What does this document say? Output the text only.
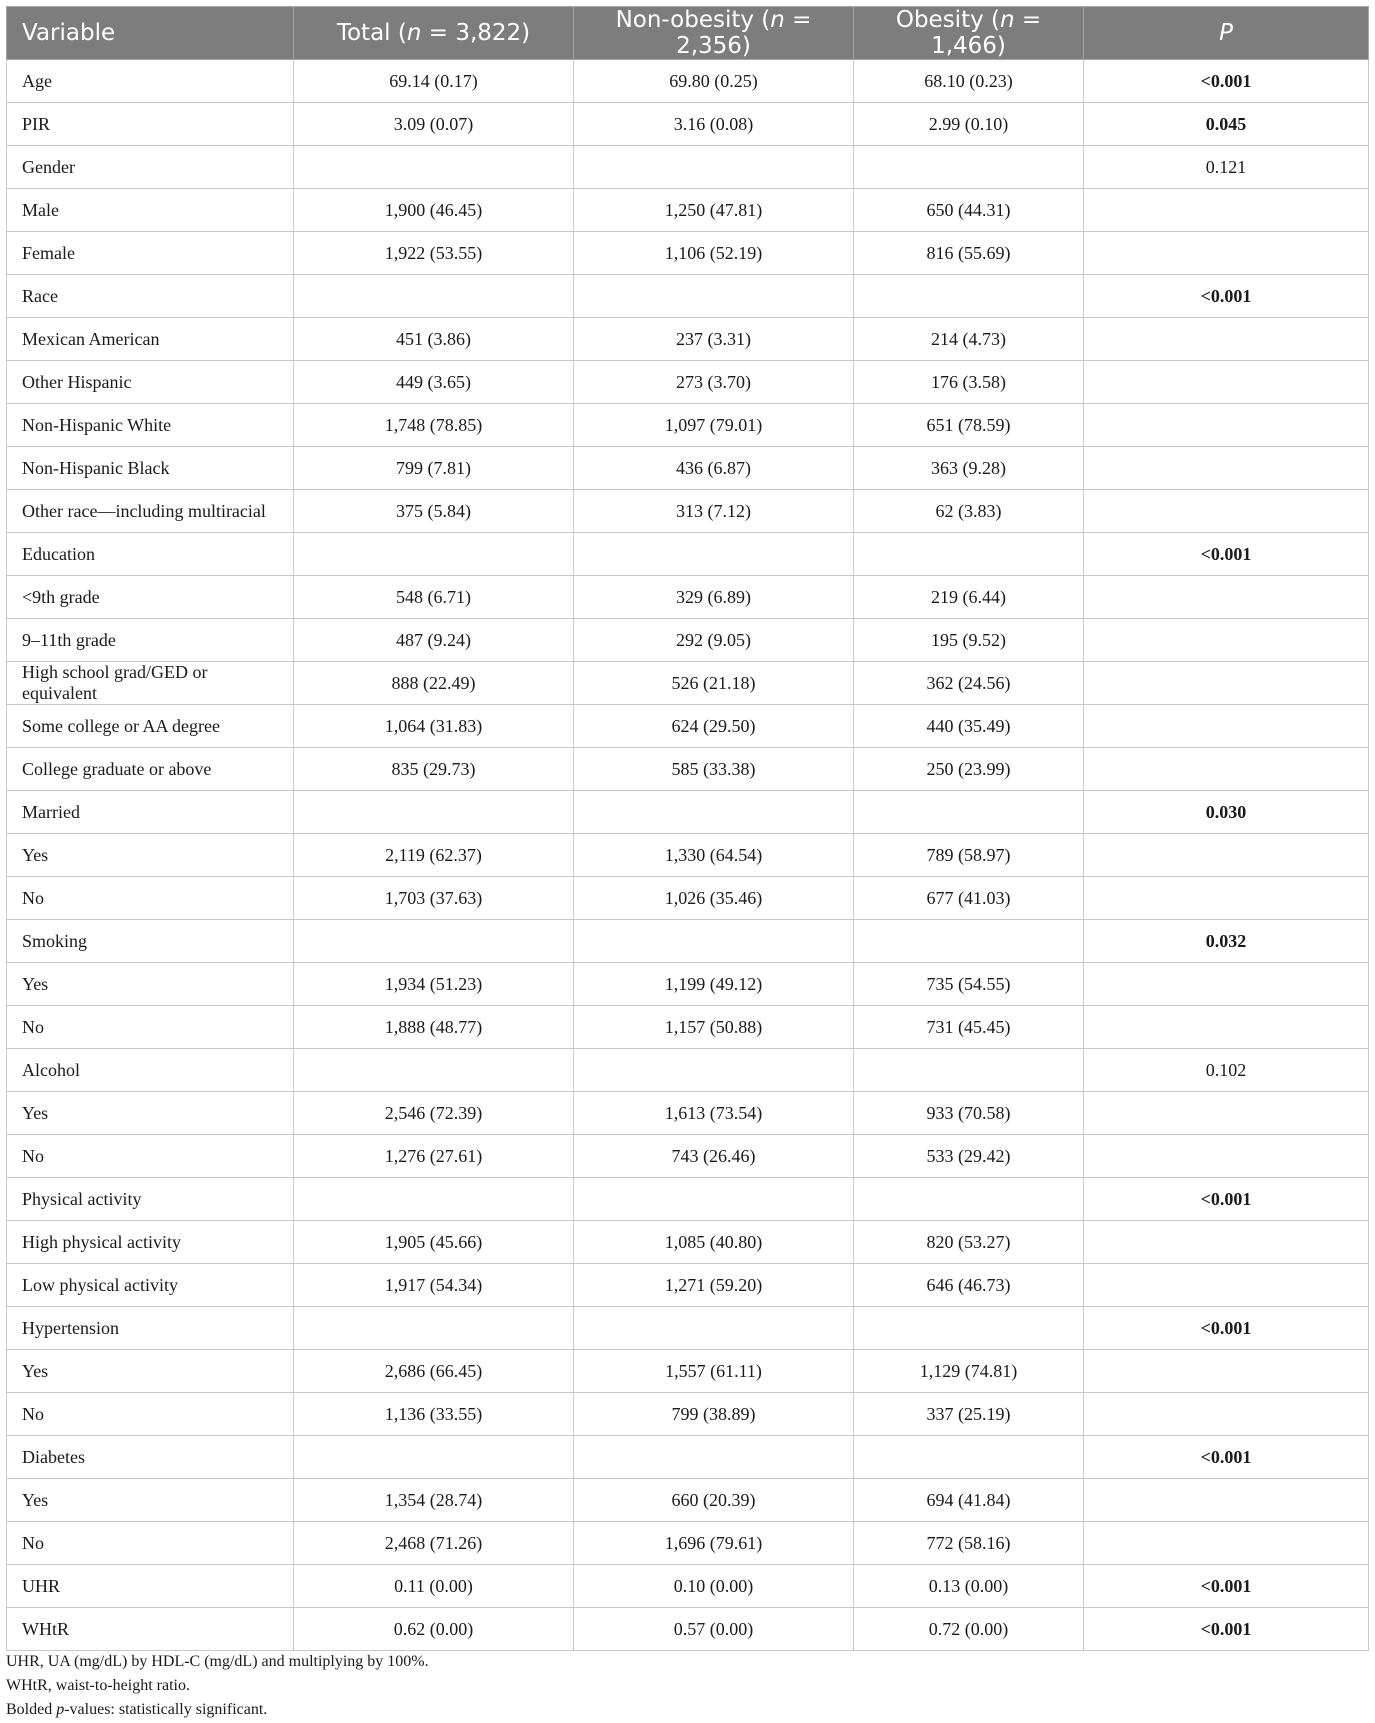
Variable	Total (n = 3,822)	Non-obesity (n = 2,356)	Obesity (n = 1,466)	P
Age	69.14 (0.17)	69.80 (0.25)	68.10 (0.23)	<0.001
PIR	3.09 (0.07)	3.16 (0.08)	2.99 (0.10)	0.045
Gender				0.121
Male	1,900 (46.45)	1,250 (47.81)	650 (44.31)	
Female	1,922 (53.55)	1,106 (52.19)	816 (55.69)	
Race				<0.001
Mexican American	451 (3.86)	237 (3.31)	214 (4.73)	
Other Hispanic	449 (3.65)	273 (3.70)	176 (3.58)	
Non-Hispanic White	1,748 (78.85)	1,097 (79.01)	651 (78.59)	
Non-Hispanic Black	799 (7.81)	436 (6.87)	363 (9.28)	
Other race—including multiracial	375 (5.84)	313 (7.12)	62 (3.83)	
Education				<0.001
<9th grade	548 (6.71)	329 (6.89)	219 (6.44)	
9–11th grade	487 (9.24)	292 (9.05)	195 (9.52)	
High school grad/GED or equivalent	888 (22.49)	526 (21.18)	362 (24.56)	
Some college or AA degree	1,064 (31.83)	624 (29.50)	440 (35.49)	
College graduate or above	835 (29.73)	585 (33.38)	250 (23.99)	
Married				0.030
Yes	2,119 (62.37)	1,330 (64.54)	789 (58.97)	
No	1,703 (37.63)	1,026 (35.46)	677 (41.03)	
Smoking				0.032
Yes	1,934 (51.23)	1,199 (49.12)	735 (54.55)	
No	1,888 (48.77)	1,157 (50.88)	731 (45.45)	
Alcohol				0.102
Yes	2,546 (72.39)	1,613 (73.54)	933 (70.58)	
No	1,276 (27.61)	743 (26.46)	533 (29.42)	
Physical activity				<0.001
High physical activity	1,905 (45.66)	1,085 (40.80)	820 (53.27)	
Low physical activity	1,917 (54.34)	1,271 (59.20)	646 (46.73)	
Hypertension				<0.001
Yes	2,686 (66.45)	1,557 (61.11)	1,129 (74.81)	
No	1,136 (33.55)	799 (38.89)	337 (25.19)	
Diabetes				<0.001
Yes	1,354 (28.74)	660 (20.39)	694 (41.84)	
No	2,468 (71.26)	1,696 (79.61)	772 (58.16)	
UHR	0.11 (0.00)	0.10 (0.00)	0.13 (0.00)	<0.001
WHtR	0.62 (0.00)	0.57 (0.00)	0.72 (0.00)	<0.001
UHR, UA (mg/dL) by HDL-C (mg/dL) and multiplying by 100%.
WHtR, waist-to-height ratio.
Bolded p-values: statistically significant.
